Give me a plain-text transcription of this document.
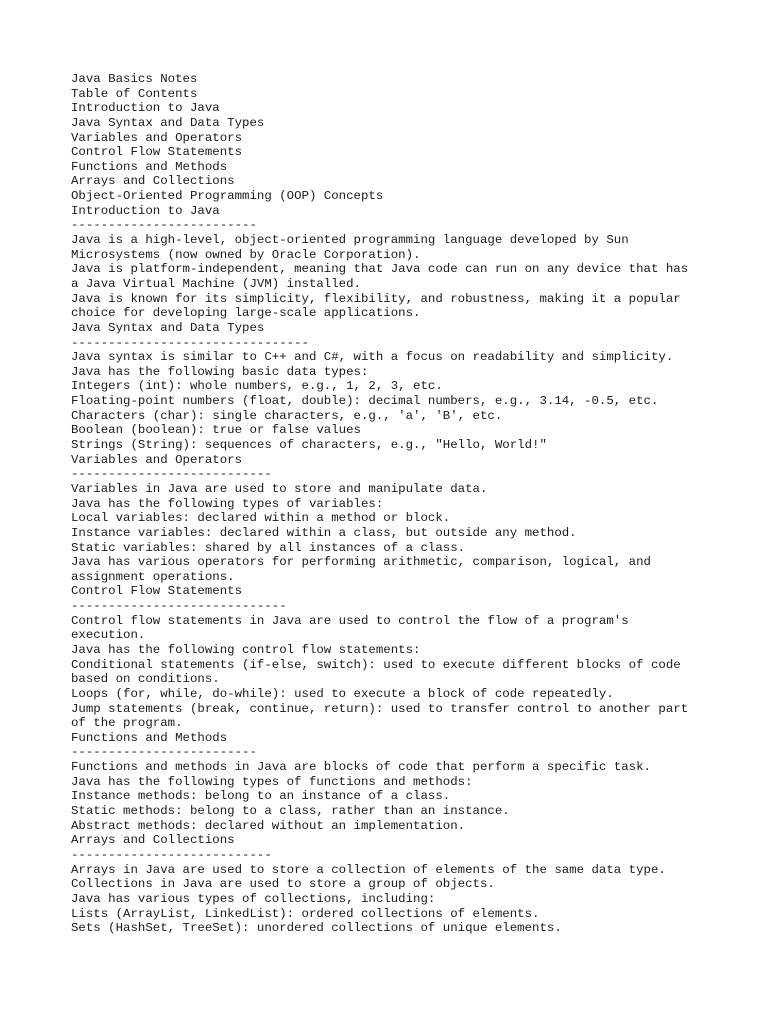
Java Basics Notes
Table of Contents
Introduction to Java
Java Syntax and Data Types
Variables and Operators
Control Flow Statements
Functions and Methods
Arrays and Collections
Object-Oriented Programming (OOP) Concepts
Introduction to Java
-------------------------
Java is a high-level, object-oriented programming language developed by Sun
Microsystems (now owned by Oracle Corporation).
Java is platform-independent, meaning that Java code can run on any device that has
a Java Virtual Machine (JVM) installed.
Java is known for its simplicity, flexibility, and robustness, making it a popular
choice for developing large-scale applications.
Java Syntax and Data Types
--------------------------------
Java syntax is similar to C++ and C#, with a focus on readability and simplicity.
Java has the following basic data types:
Integers (int): whole numbers, e.g., 1, 2, 3, etc.
Floating-point numbers (float, double): decimal numbers, e.g., 3.14, -0.5, etc.
Characters (char): single characters, e.g., 'a', 'B', etc.
Boolean (boolean): true or false values
Strings (String): sequences of characters, e.g., "Hello, World!"
Variables and Operators
---------------------------
Variables in Java are used to store and manipulate data.
Java has the following types of variables:
Local variables: declared within a method or block.
Instance variables: declared within a class, but outside any method.
Static variables: shared by all instances of a class.
Java has various operators for performing arithmetic, comparison, logical, and
assignment operations.
Control Flow Statements
-----------------------------
Control flow statements in Java are used to control the flow of a program's
execution.
Java has the following control flow statements:
Conditional statements (if-else, switch): used to execute different blocks of code
based on conditions.
Loops (for, while, do-while): used to execute a block of code repeatedly.
Jump statements (break, continue, return): used to transfer control to another part
of the program.
Functions and Methods
-------------------------
Functions and methods in Java are blocks of code that perform a specific task.
Java has the following types of functions and methods:
Instance methods: belong to an instance of a class.
Static methods: belong to a class, rather than an instance.
Abstract methods: declared without an implementation.
Arrays and Collections
---------------------------
Arrays in Java are used to store a collection of elements of the same data type.
Collections in Java are used to store a group of objects.
Java has various types of collections, including:
Lists (ArrayList, LinkedList): ordered collections of elements.
Sets (HashSet, TreeSet): unordered collections of unique elements.
